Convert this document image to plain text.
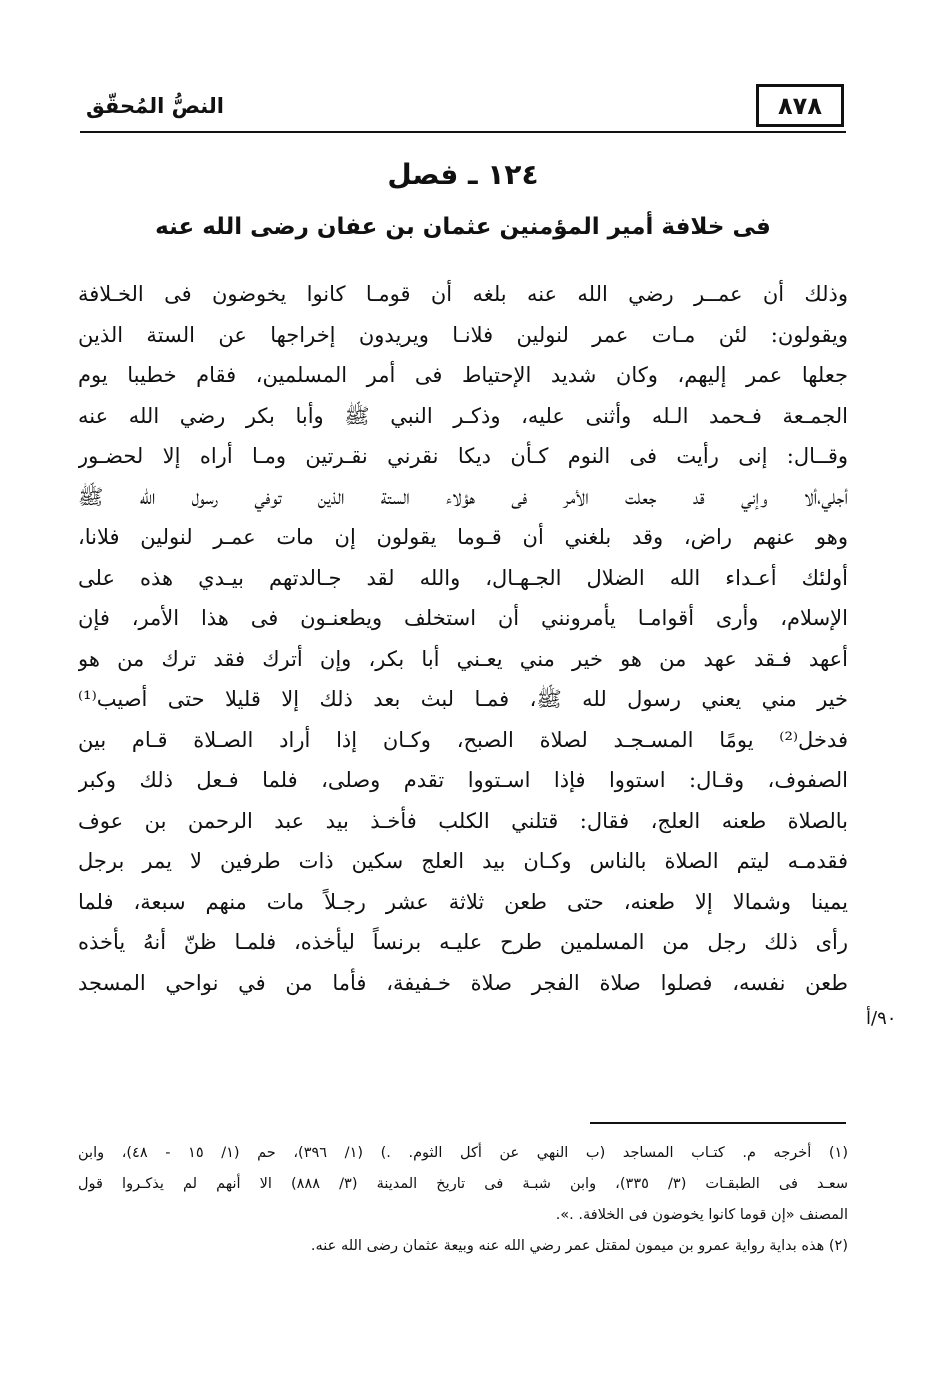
٨٧٨
النصُّ المُحقّق
١٢٤ ـ فصل
فى خلافة أمير المؤمنين عثمان بن عفان رضى الله عنه
وذلك أن عمــر رضي الله عنه بلغه أن قومـا كانوا يخوضون فى الخـلافة
ويقولون: لئن مـات عمر لنولين فلانـا ويريدون إخراجها عن الستة الذين
جعلها عمر إليهم، وكان شديد الإحتياط فى أمر المسلمين، فقام خطيبا يوم
الجمـعة فـحمد الـله وأثنى عليه، وذكـر النبي ﷺ وأبا بكر رضي الله عنه
وقــال: إنى رأيت فى النوم كـأن ديكا نقرني نقـرتين ومـا أراه إلا لحضـور
أجلي،ألا وإني قد جعلت الأمر فى هؤلاء الستة الذين توفي رسول الله ﷺ
وهو عنهم راض، وقد بلغني أن قـوما يقولون إن مات عمـر لنولين فلانا،
أولئك أعـداء الله الضلال الجـهـال، والله لقد جـالدتهم بيـدي هذه على
الإسلام، وأرى أقوامـا يأمرونني أن استخلف ويطعنـون فى هذا الأمر، فإن
أعهد فـقد عهد من هو خير مني يعـني أبا بكر، وإن أترك فقد ترك من هو
خير مني يعني رسول لله ﷺ، فمـا لبث بعد ذلك إلا قليلا حتى أصيب⁽¹⁾
فدخل⁽²⁾ يومًا المسـجـد لصلاة الصبح، وكـان إذا أراد الصـلاة قـام بين
الصفوف، وقـال: استووا فإذا اسـتووا تقدم وصلى، فلما فـعل ذلك وكبر
بالصلاة طعنه العلج، فقال: قتلني الكلب فأخـذ بيد عبد الرحمن بن عوف
فقدمـه ليتم الصلاة بالناس وكـان بيد العلج سكين ذات طرفين لا يمر برجل
يمينا وشمالا إلا طعنه، حتى طعن ثلاثة عشر رجـلاً مات منهم سبعة، فلما
رأى ذلك رجل من المسلمين طرح عليـه برنساً ليأخذه، فلمـا ظنّ أنهُ يأخذه
طعن نفسه، فصلوا صلاة الفجر صلاة خـفيفة، فأما من في نواحي المسجد
٩٠/أ
(١) أخرجه م. كتـاب المساجد (ب النهي عن أكل الثوم. .) (١/ ٣٩٦)، حم (١/ ١٥ - ٤٨)، وابن
سعـد فى الطبقـات (٣/ ٣٣٥)، وابن شبـة فى تاريخ المدينة (٣/ ٨٨٨) الا أنهم لم يذكـروا قول
المصنف «إن قوما كانوا يخوضون فى الخلافة. .».
(٢) هذه بداية رواية عمرو بن ميمون لمقتل عمر رضي الله عنه وبيعة عثمان رضى الله عنه.
